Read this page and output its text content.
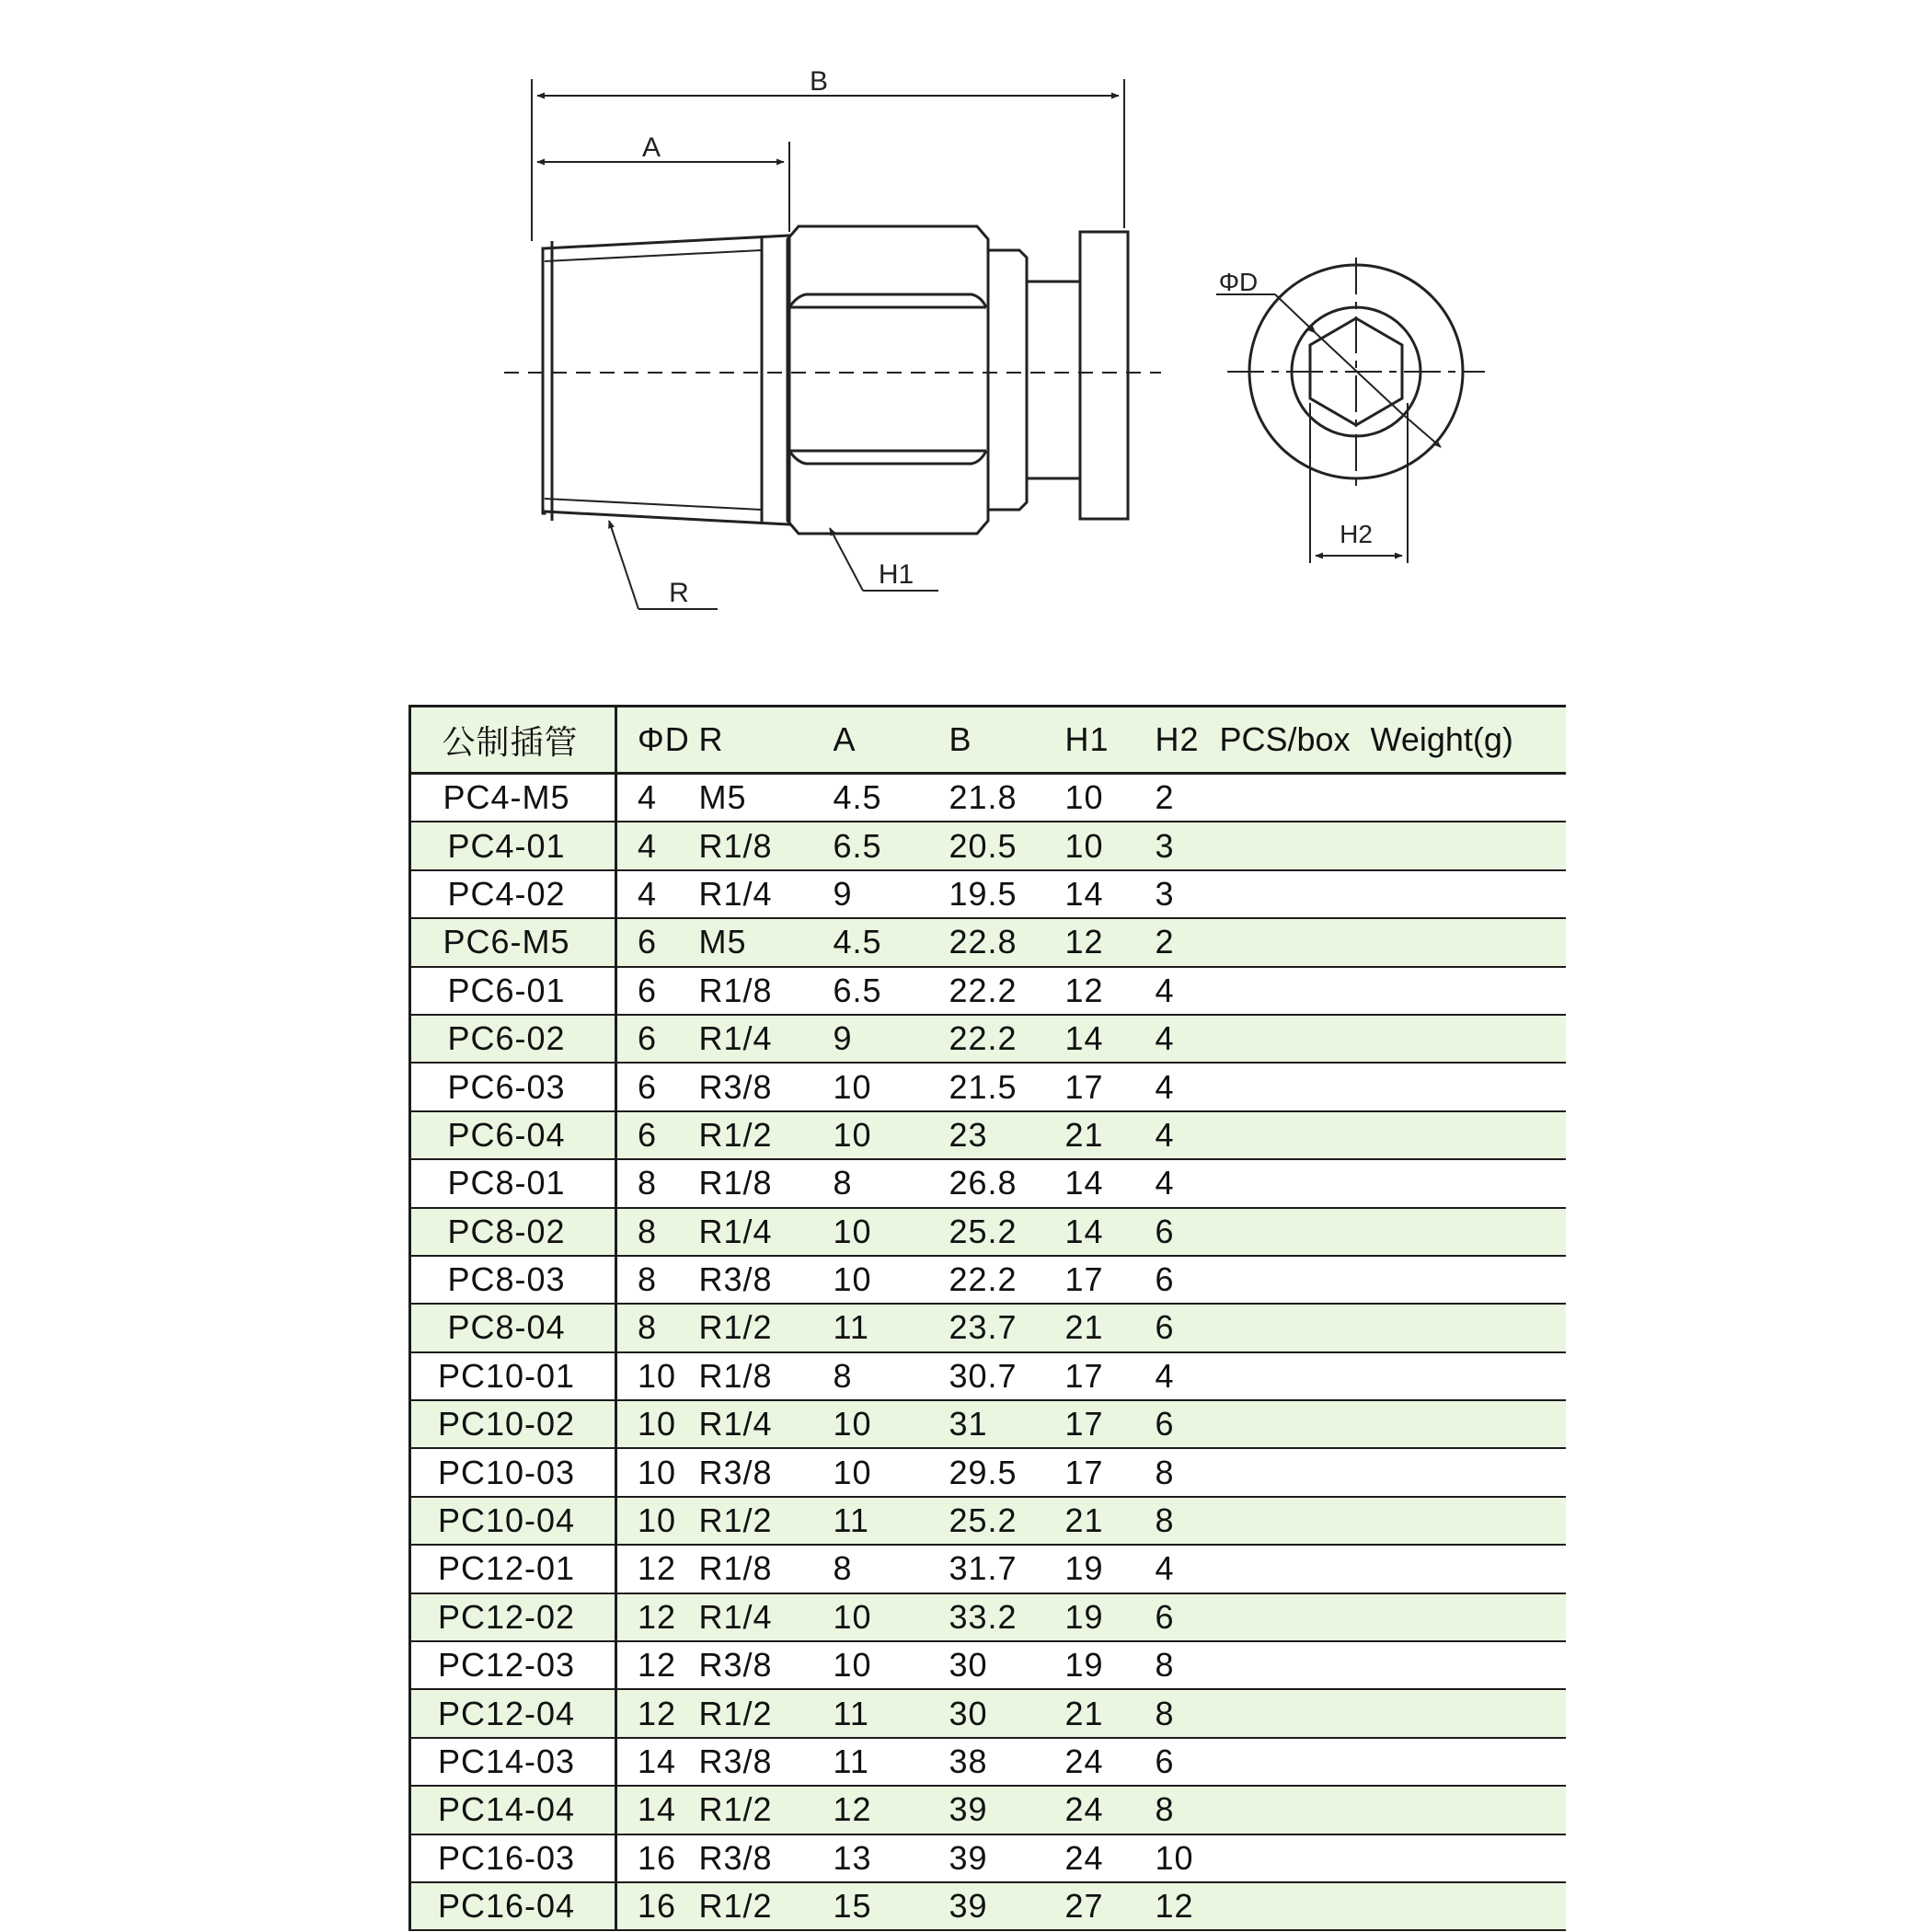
B
A
R
H1
ΦD
H2
公制插管	ΦD	R	A	B	H1	H2	PCS/box	Weight(g)
PC4-M5	4	M5	4.5	21.8	10	2		
PC4-01	4	R1/8	6.5	20.5	10	3		
PC4-02	4	R1/4	9	19.5	14	3		
PC6-M5	6	M5	4.5	22.8	12	2		
PC6-01	6	R1/8	6.5	22.2	12	4		
PC6-02	6	R1/4	9	22.2	14	4		
PC6-03	6	R3/8	10	21.5	17	4		
PC6-04	6	R1/2	10	23	21	4		
PC8-01	8	R1/8	8	26.8	14	4		
PC8-02	8	R1/4	10	25.2	14	6		
PC8-03	8	R3/8	10	22.2	17	6		
PC8-04	8	R1/2	11	23.7	21	6		
PC10-01	10	R1/8	8	30.7	17	4		
PC10-02	10	R1/4	10	31	17	6		
PC10-03	10	R3/8	10	29.5	17	8		
PC10-04	10	R1/2	11	25.2	21	8		
PC12-01	12	R1/8	8	31.7	19	4		
PC12-02	12	R1/4	10	33.2	19	6		
PC12-03	12	R3/8	10	30	19	8		
PC12-04	12	R1/2	11	30	21	8		
PC14-03	14	R3/8	11	38	24	6		
PC14-04	14	R1/2	12	39	24	8		
PC16-03	16	R3/8	13	39	24	10		
PC16-04	16	R1/2	15	39	27	12		
